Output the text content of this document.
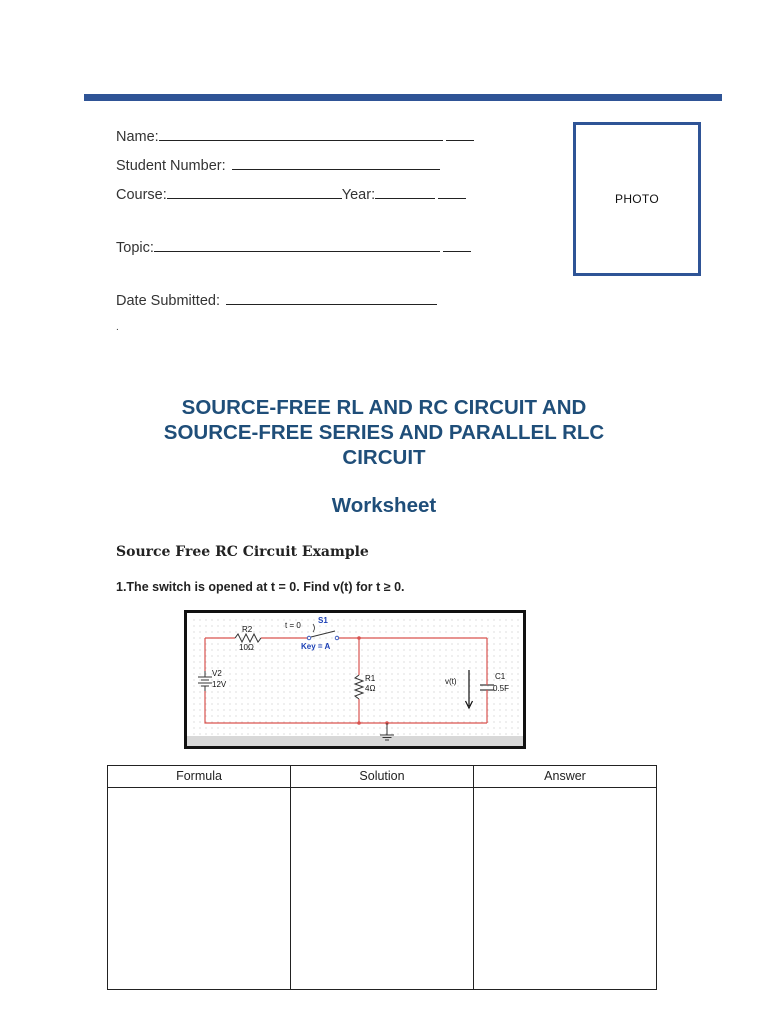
Name:
Student Number:
Course:	Year:
Topic:
Date Submitted:
PHOTO
.
SOURCE-FREE RL AND RC CIRCUIT AND
SOURCE-FREE SERIES AND PARALLEL RLC
CIRCUIT
Worksheet
Source Free RC Circuit Example
1.The switch is opened at t = 0. Find v(t) for t ≥ 0.
R2
10Ω
t = 0
S1
Key = A
V2
12V
R1
4Ω
v(t)
C1
0.5F
Formula	Solution	Answer
